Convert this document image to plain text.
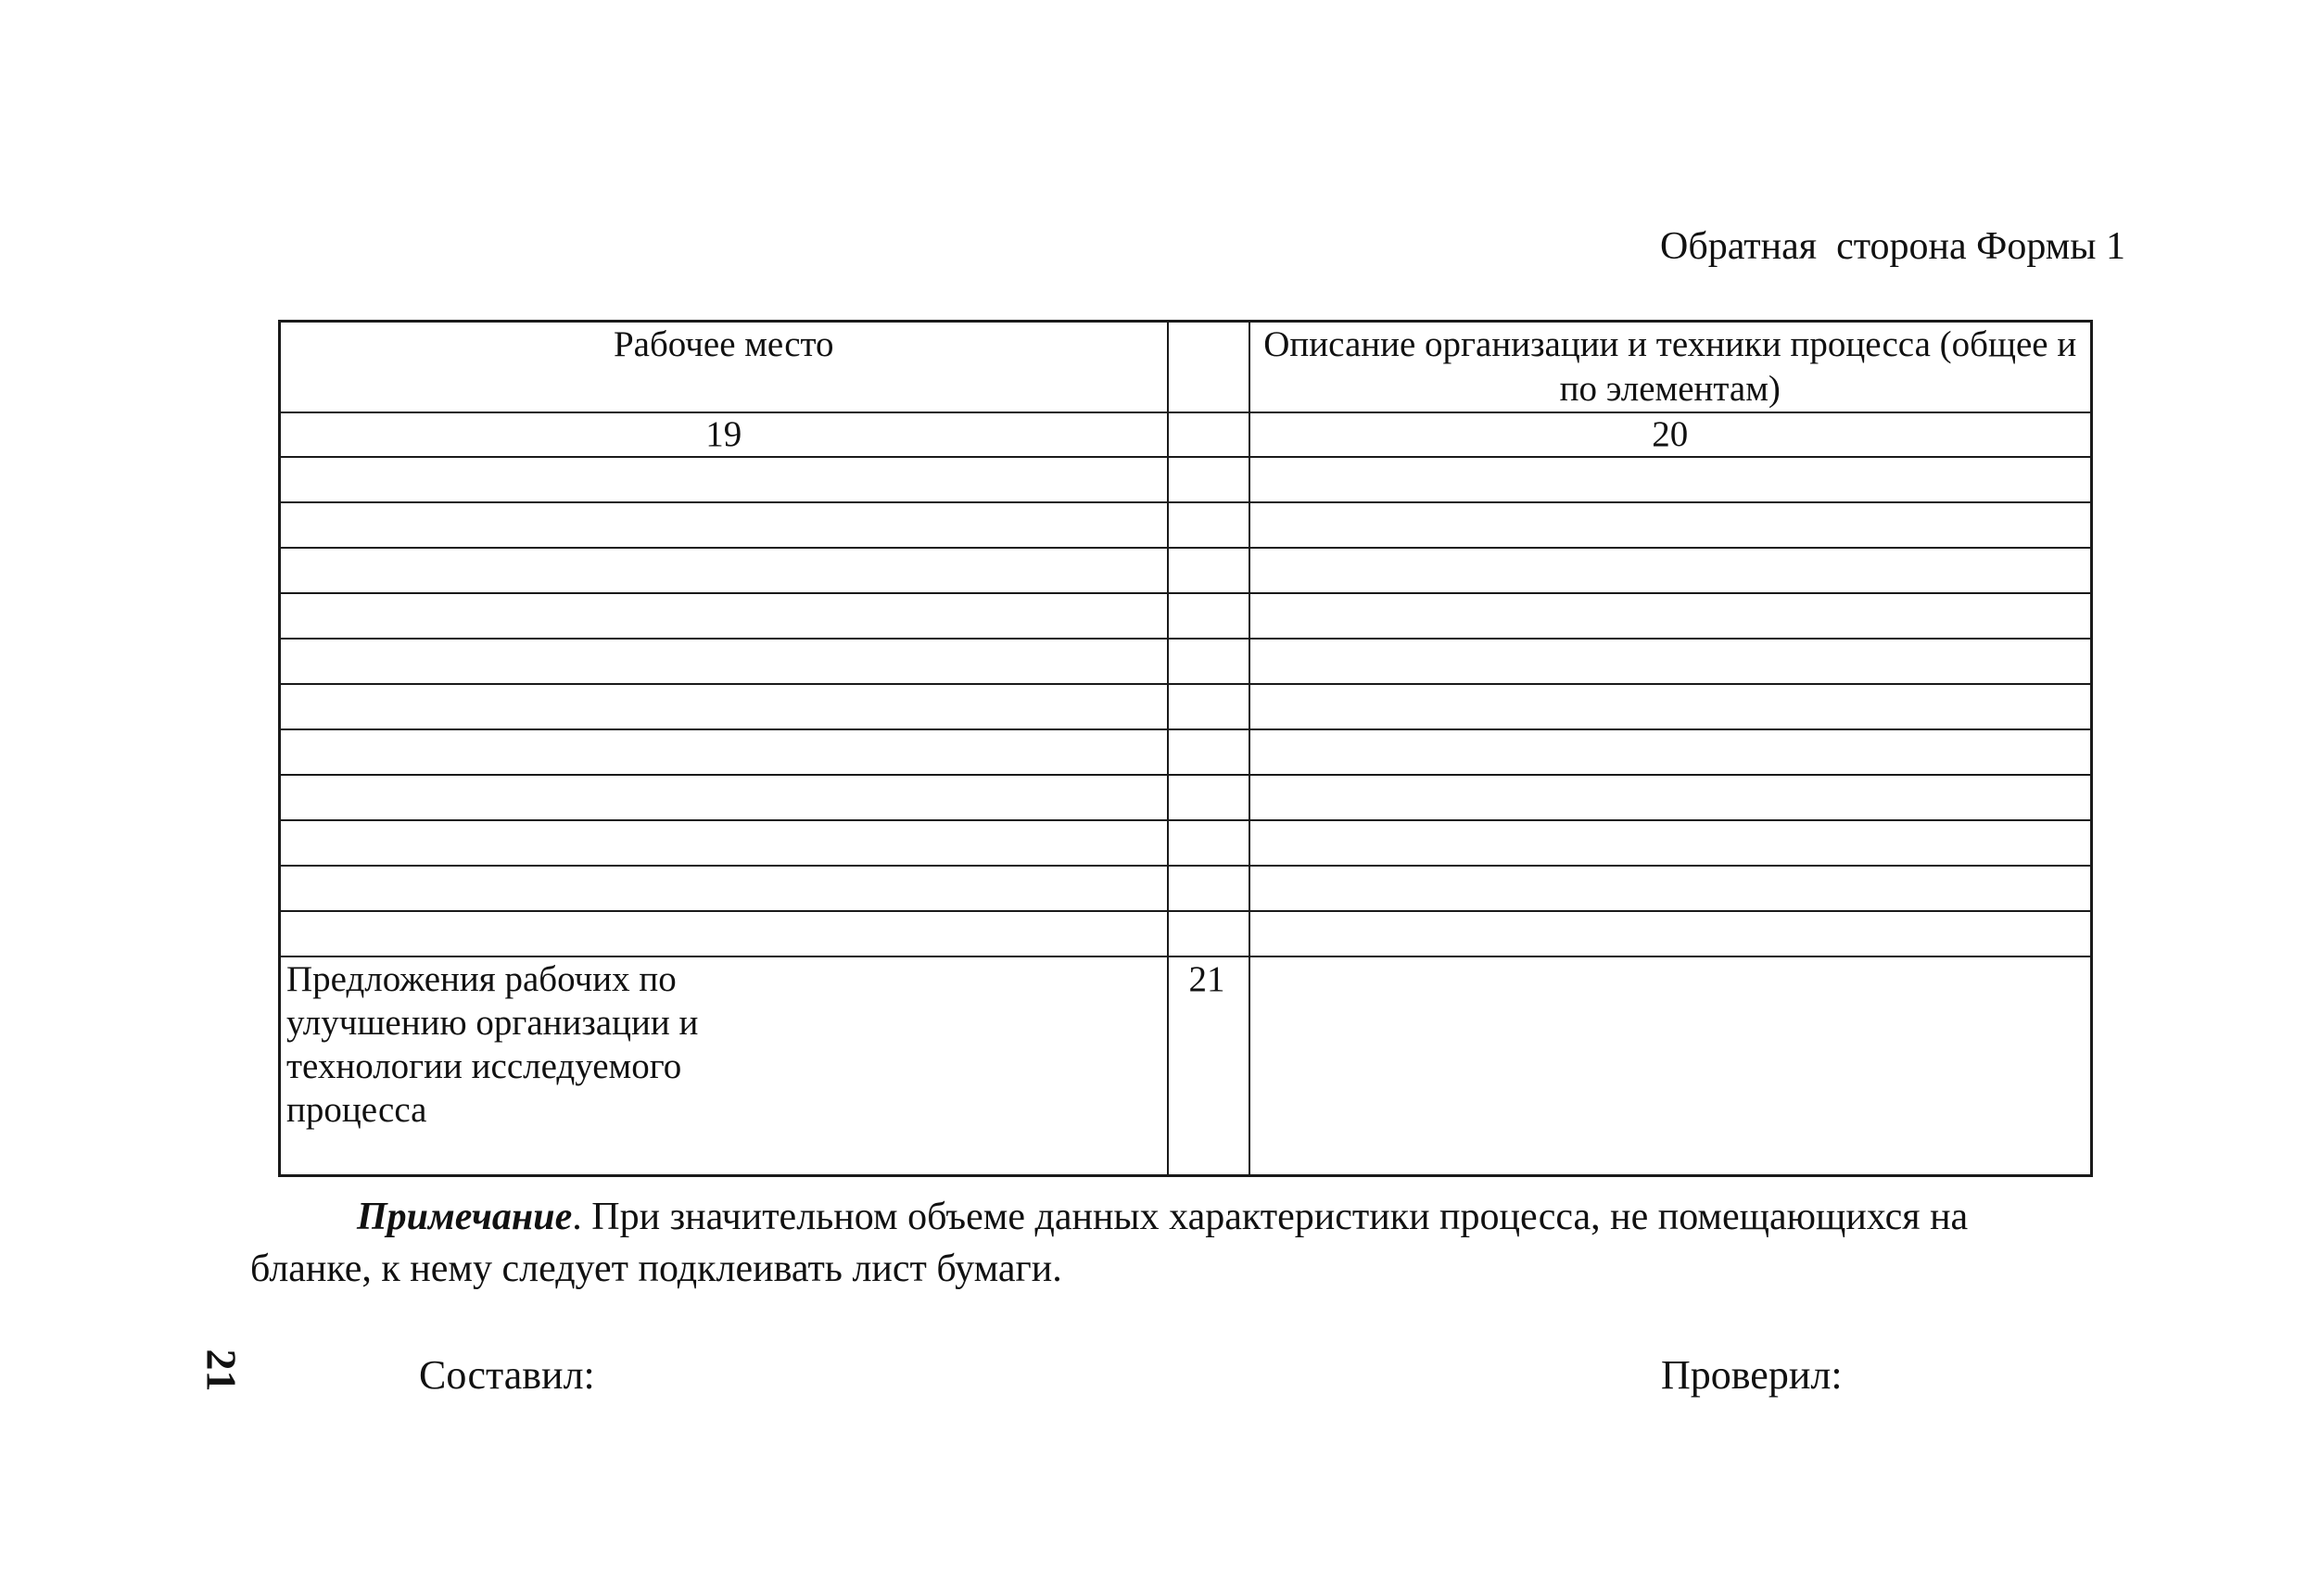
Обратная  сторона Формы 1
Рабочее место		Описание организации и техники процесса (общее и по элементам)
19		20

Предложения рабочих по улучшению организации и технологии исследуемого процесса	21	
Примечание. При значительном объеме данных характеристики процесса, не помещающихся на бланке, к нему следует подклеивать лист бумаги.
21	Составил:	Проверил:
